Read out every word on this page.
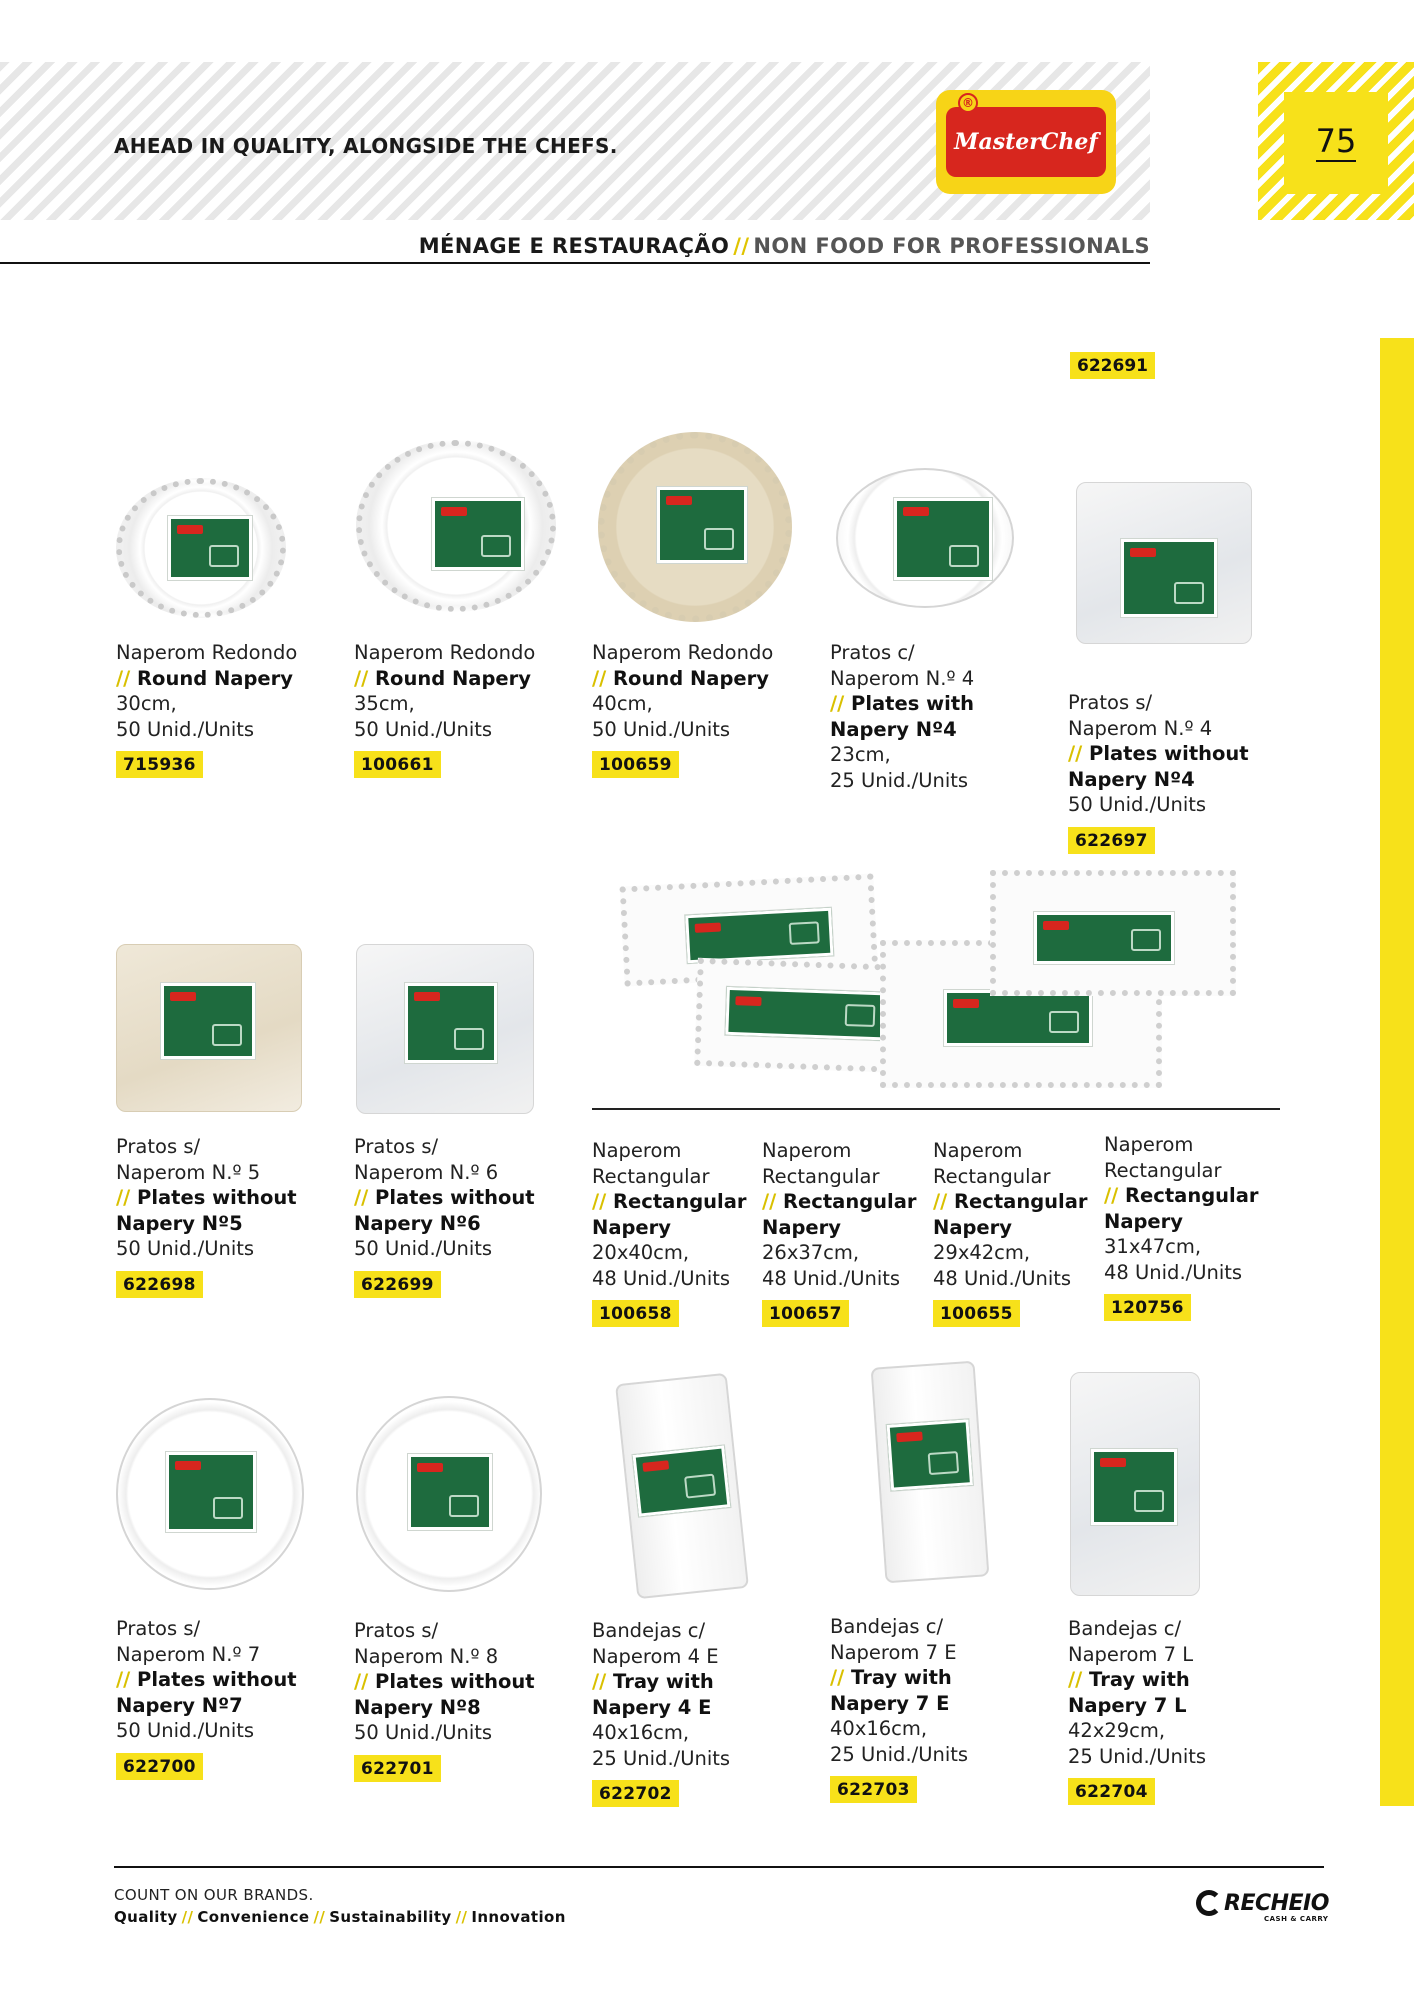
AHEAD IN QUALITY, ALONGSIDE THE CHEFS.
®
MasterChef	75
MÉNAGE E RESTAURAÇÃO // NON FOOD FOR PROFESSIONALS
622691
Naperom Redondo
// Round Napery
30cm,
50 Unid./Units
715936
Naperom Redondo
// Round Napery
35cm,
50 Unid./Units
100661
Naperom Redondo
// Round Napery
40cm,
50 Unid./Units
100659
Pratos c/
Naperom N.º 4
// Plates with
Napery Nº4
23cm,
25 Unid./Units
Pratos s/
Naperom N.º 4
// Plates without
Napery Nº4
50 Unid./Units
622697
Pratos s/
Naperom N.º 5
// Plates without
Napery Nº5
50 Unid./Units
622698
Pratos s/
Naperom N.º 6
// Plates without
Napery Nº6
50 Unid./Units
622699
Naperom
Rectangular
// Rectangular
Napery
20x40cm,
48 Unid./Units
100658
Naperom
Rectangular
// Rectangular
Napery
26x37cm,
48 Unid./Units
100657
Naperom
Rectangular
// Rectangular
Napery
29x42cm,
48 Unid./Units
100655
Naperom
Rectangular
// Rectangular
Napery
31x47cm,
48 Unid./Units
120756
Pratos s/
Naperom N.º 7
// Plates without
Napery Nº7
50 Unid./Units
622700
Pratos s/
Naperom N.º 8
// Plates without
Napery Nº8
50 Unid./Units
622701
Bandejas c/
Naperom 4 E
// Tray with
Napery 4 E
40x16cm,
25 Unid./Units
622702
Bandejas c/
Naperom 7 E
// Tray with
Napery 7 E
40x16cm,
25 Unid./Units
622703
Bandejas c/
Naperom 7 L
// Tray with
Napery 7 L
42x29cm,
25 Unid./Units
622704
COUNT ON OUR BRANDS.
Quality // Convenience // Sustainability // Innovation
RECHEIO
CASH & CARRY
